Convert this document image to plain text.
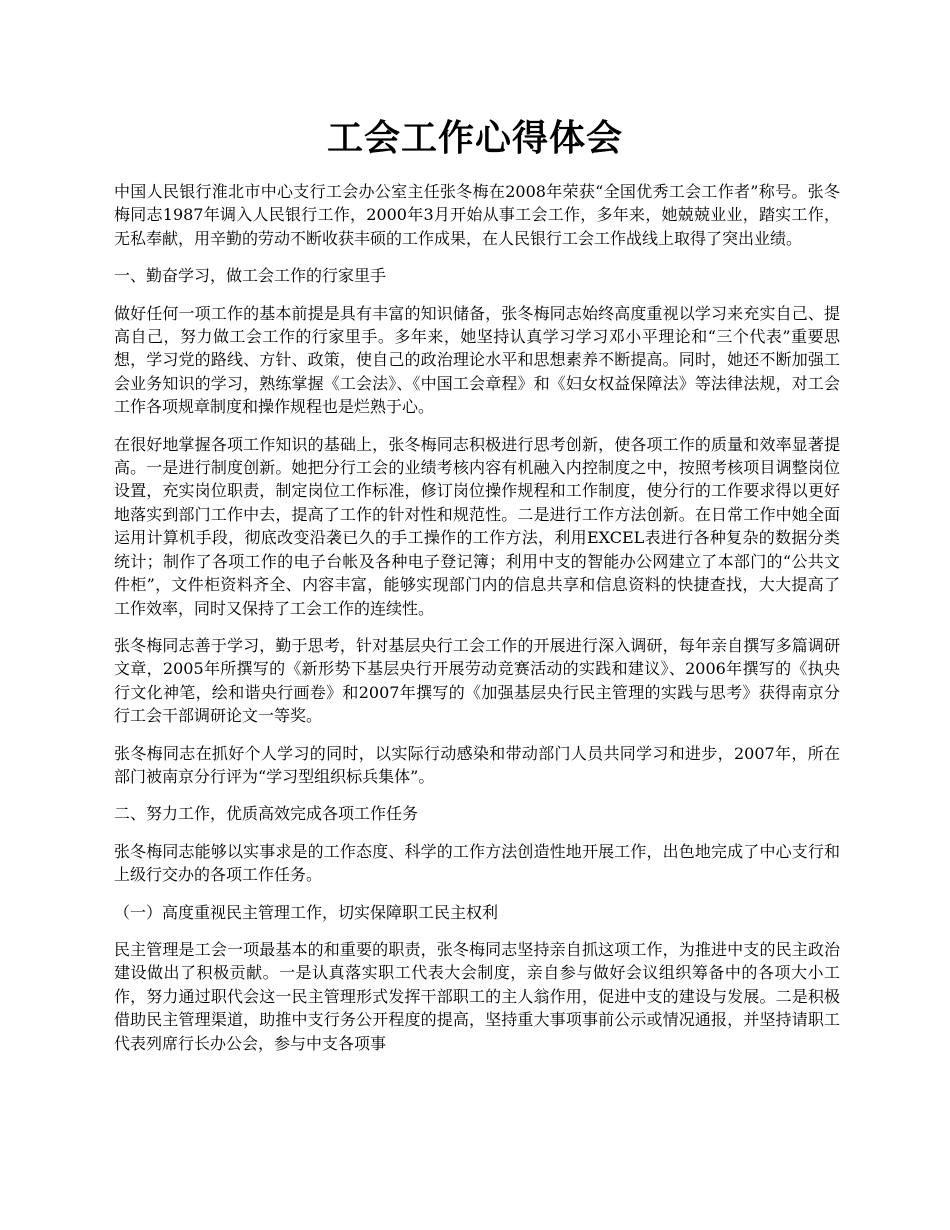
工会工作心得体会

中国人民银行淮北市中心支行工会办公室主任张冬梅在2008年荣获“全国优秀工会工作者”称号。张冬梅同志1987年调入人民银行工作，2000年3月开始从事工会工作，多年来，她兢兢业业，踏实工作，无私奉献，用辛勤的劳动不断收获丰硕的工作成果，在人民银行工会工作战线上取得了突出业绩。

一、勤奋学习，做工会工作的行家里手

做好任何一项工作的基本前提是具有丰富的知识储备，张冬梅同志始终高度重视以学习来充实自己、提高自己，努力做工会工作的行家里手。多年来，她坚持认真学习学习邓小平理论和“三个代表”重要思想，学习党的路线、方针、政策，使自己的政治理论水平和思想素养不断提高。同时，她还不断加强工会业务知识的学习，熟练掌握《工会法》、《中国工会章程》和《妇女权益保障法》等法律法规，对工会工作各项规章制度和操作规程也是烂熟于心。

在很好地掌握各项工作知识的基础上，张冬梅同志积极进行思考创新，使各项工作的质量和效率显著提高。一是进行制度创新。她把分行工会的业绩考核内容有机融入内控制度之中，按照考核项目调整岗位设置，充实岗位职责，制定岗位工作标准，修订岗位操作规程和工作制度，使分行的工作要求得以更好地落实到部门工作中去，提高了工作的针对性和规范性。二是进行工作方法创新。在日常工作中她全面运用计算机手段，彻底改变沿袭已久的手工操作的工作方法，利用EXCEL表进行各种复杂的数据分类统计；制作了各项工作的电子台帐及各种电子登记簿；利用中支的智能办公网建立了本部门的“公共文件柜”，文件柜资料齐全、内容丰富，能够实现部门内的信息共享和信息资料的快捷查找，大大提高了工作效率，同时又保持了工会工作的连续性。

张冬梅同志善于学习，勤于思考，针对基层央行工会工作的开展进行深入调研，每年亲自撰写多篇调研文章，2005年所撰写的《新形势下基层央行开展劳动竞赛活动的实践和建议》、2006年撰写的《执央行文化神笔，绘和谐央行画卷》和2007年撰写的《加强基层央行民主管理的实践与思考》获得南京分行工会干部调研论文一等奖。

张冬梅同志在抓好个人学习的同时，以实际行动感染和带动部门人员共同学习和进步，2007年，所在部门被南京分行评为“学习型组织标兵集体”。

二、努力工作，优质高效完成各项工作任务

张冬梅同志能够以实事求是的工作态度、科学的工作方法创造性地开展工作，出色地完成了中心支行和上级行交办的各项工作任务。

（一）高度重视民主管理工作，切实保障职工民主权利

民主管理是工会一项最基本的和重要的职责，张冬梅同志坚持亲自抓这项工作，为推进中支的民主政治建设做出了积极贡献。一是认真落实职工代表大会制度，亲自参与做好会议组织筹备中的各项大小工作，努力通过职代会这一民主管理形式发挥干部职工的主人翁作用，促进中支的建设与发展。二是积极借助民主管理渠道，助推中支行务公开程度的提高，坚持重大事项事前公示或情况通报，并坚持请职工代表列席行长办公会，参与中支各项事
